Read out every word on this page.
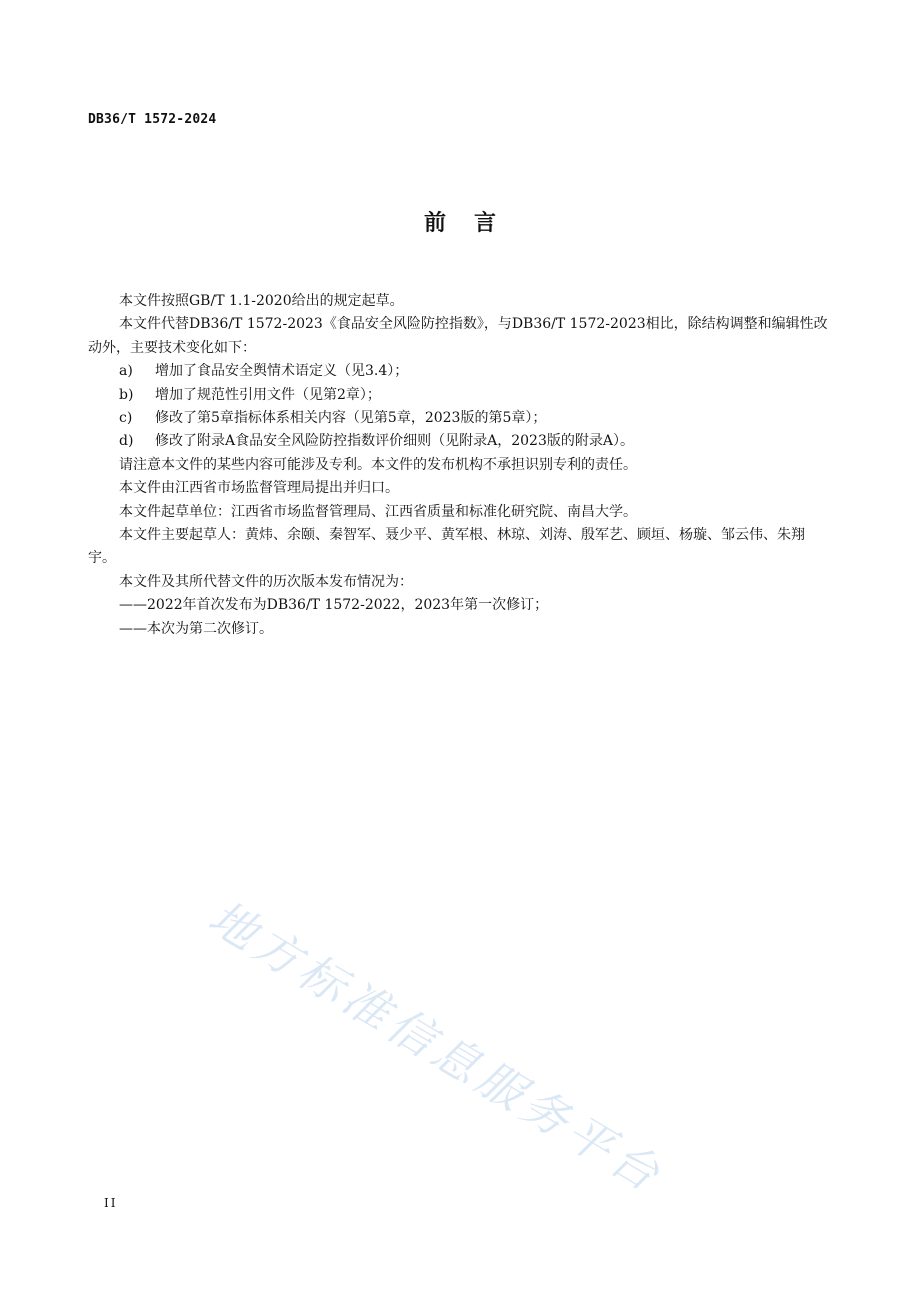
DB36/T 1572-2024
前言

本文件按照GB/T 1.1-2020给出的规定起草。

本文件代替DB36/T 1572-2023《食品安全风险防控指数》，与DB36/T 1572-2023相比，除结构调整和编辑性改动外，主要技术变化如下：

a)	增加了食品安全舆情术语定义（见3.4）；
b)	增加了规范性引用文件（见第2章）；
c)	修改了第5章指标体系相关内容（见第5章，2023版的第5章）；
d)	修改了附录A食品安全风险防控指数评价细则（见附录A，2023版的附录A）。

请注意本文件的某些内容可能涉及专利。本文件的发布机构不承担识别专利的责任。

本文件由江西省市场监督管理局提出并归口。

本文件起草单位：江西省市场监督管理局、江西省质量和标准化研究院、南昌大学。

本文件主要起草人：黄炜、余颐、秦智军、聂少平、黄军根、林琼、刘涛、殷军艺、顾垣、杨璇、邹云伟、朱翔宇。

本文件及其所代替文件的历次版本发布情况为：

——2022年首次发布为DB36/T 1572-2022，2023年第一次修订；

——本次为第二次修订。

地方标准信息服务平台
II
